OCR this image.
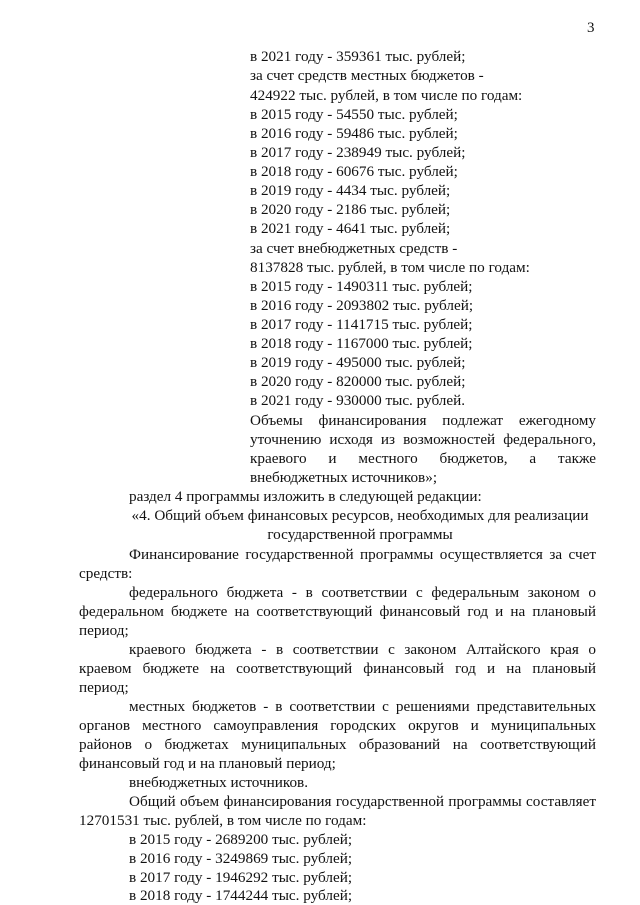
3
в 2021 году - 359361 тыс. рублей;
за счет средств местных бюджетов -
424922 тыс. рублей, в том числе по годам:
в 2015 году - 54550 тыс. рублей;
в 2016 году - 59486 тыс. рублей;
в 2017 году - 238949 тыс. рублей;
в 2018 году - 60676 тыс. рублей;
в 2019 году - 4434 тыс. рублей;
в 2020 году - 2186 тыс. рублей;
в 2021 году - 4641 тыс. рублей;
за счет внебюджетных средств -
8137828 тыс. рублей, в том числе по годам:
в 2015 году - 1490311 тыс. рублей;
в 2016 году - 2093802 тыс. рублей;
в 2017 году - 1141715 тыс. рублей;
в 2018 году - 1167000 тыс. рублей;
в 2019 году - 495000 тыс. рублей;
в 2020 году - 820000 тыс. рублей;
в 2021 году - 930000 тыс. рублей.
Объемы финансирования подлежат ежегодному
уточнению исходя из возможностей федерального,
краевого и местного бюджетов, а также
внебюджетных источников»;
раздел 4 программы изложить в следующей редакции:
«4. Общий объем финансовых ресурсов, необходимых для реализации
государственной программы
Финансирование государственной программы осуществляется за счет
средств:
федерального бюджета - в соответствии с федеральным законом о
федеральном бюджете на соответствующий финансовый год и на плановый
период;
краевого бюджета - в соответствии с законом Алтайского края о
краевом бюджете на соответствующий финансовый год и на плановый
период;
местных бюджетов - в соответствии с решениями представительных
органов местного самоуправления городских округов и муниципальных
районов о бюджетах муниципальных образований на соответствующий
финансовый год и на плановый период;
внебюджетных источников.
Общий объем финансирования государственной программы составляет
12701531 тыс. рублей, в том числе по годам:
в 2015 году - 2689200 тыс. рублей;
в 2016 году - 3249869 тыс. рублей;
в 2017 году - 1946292 тыс. рублей;
в 2018 году - 1744244 тыс. рублей;
